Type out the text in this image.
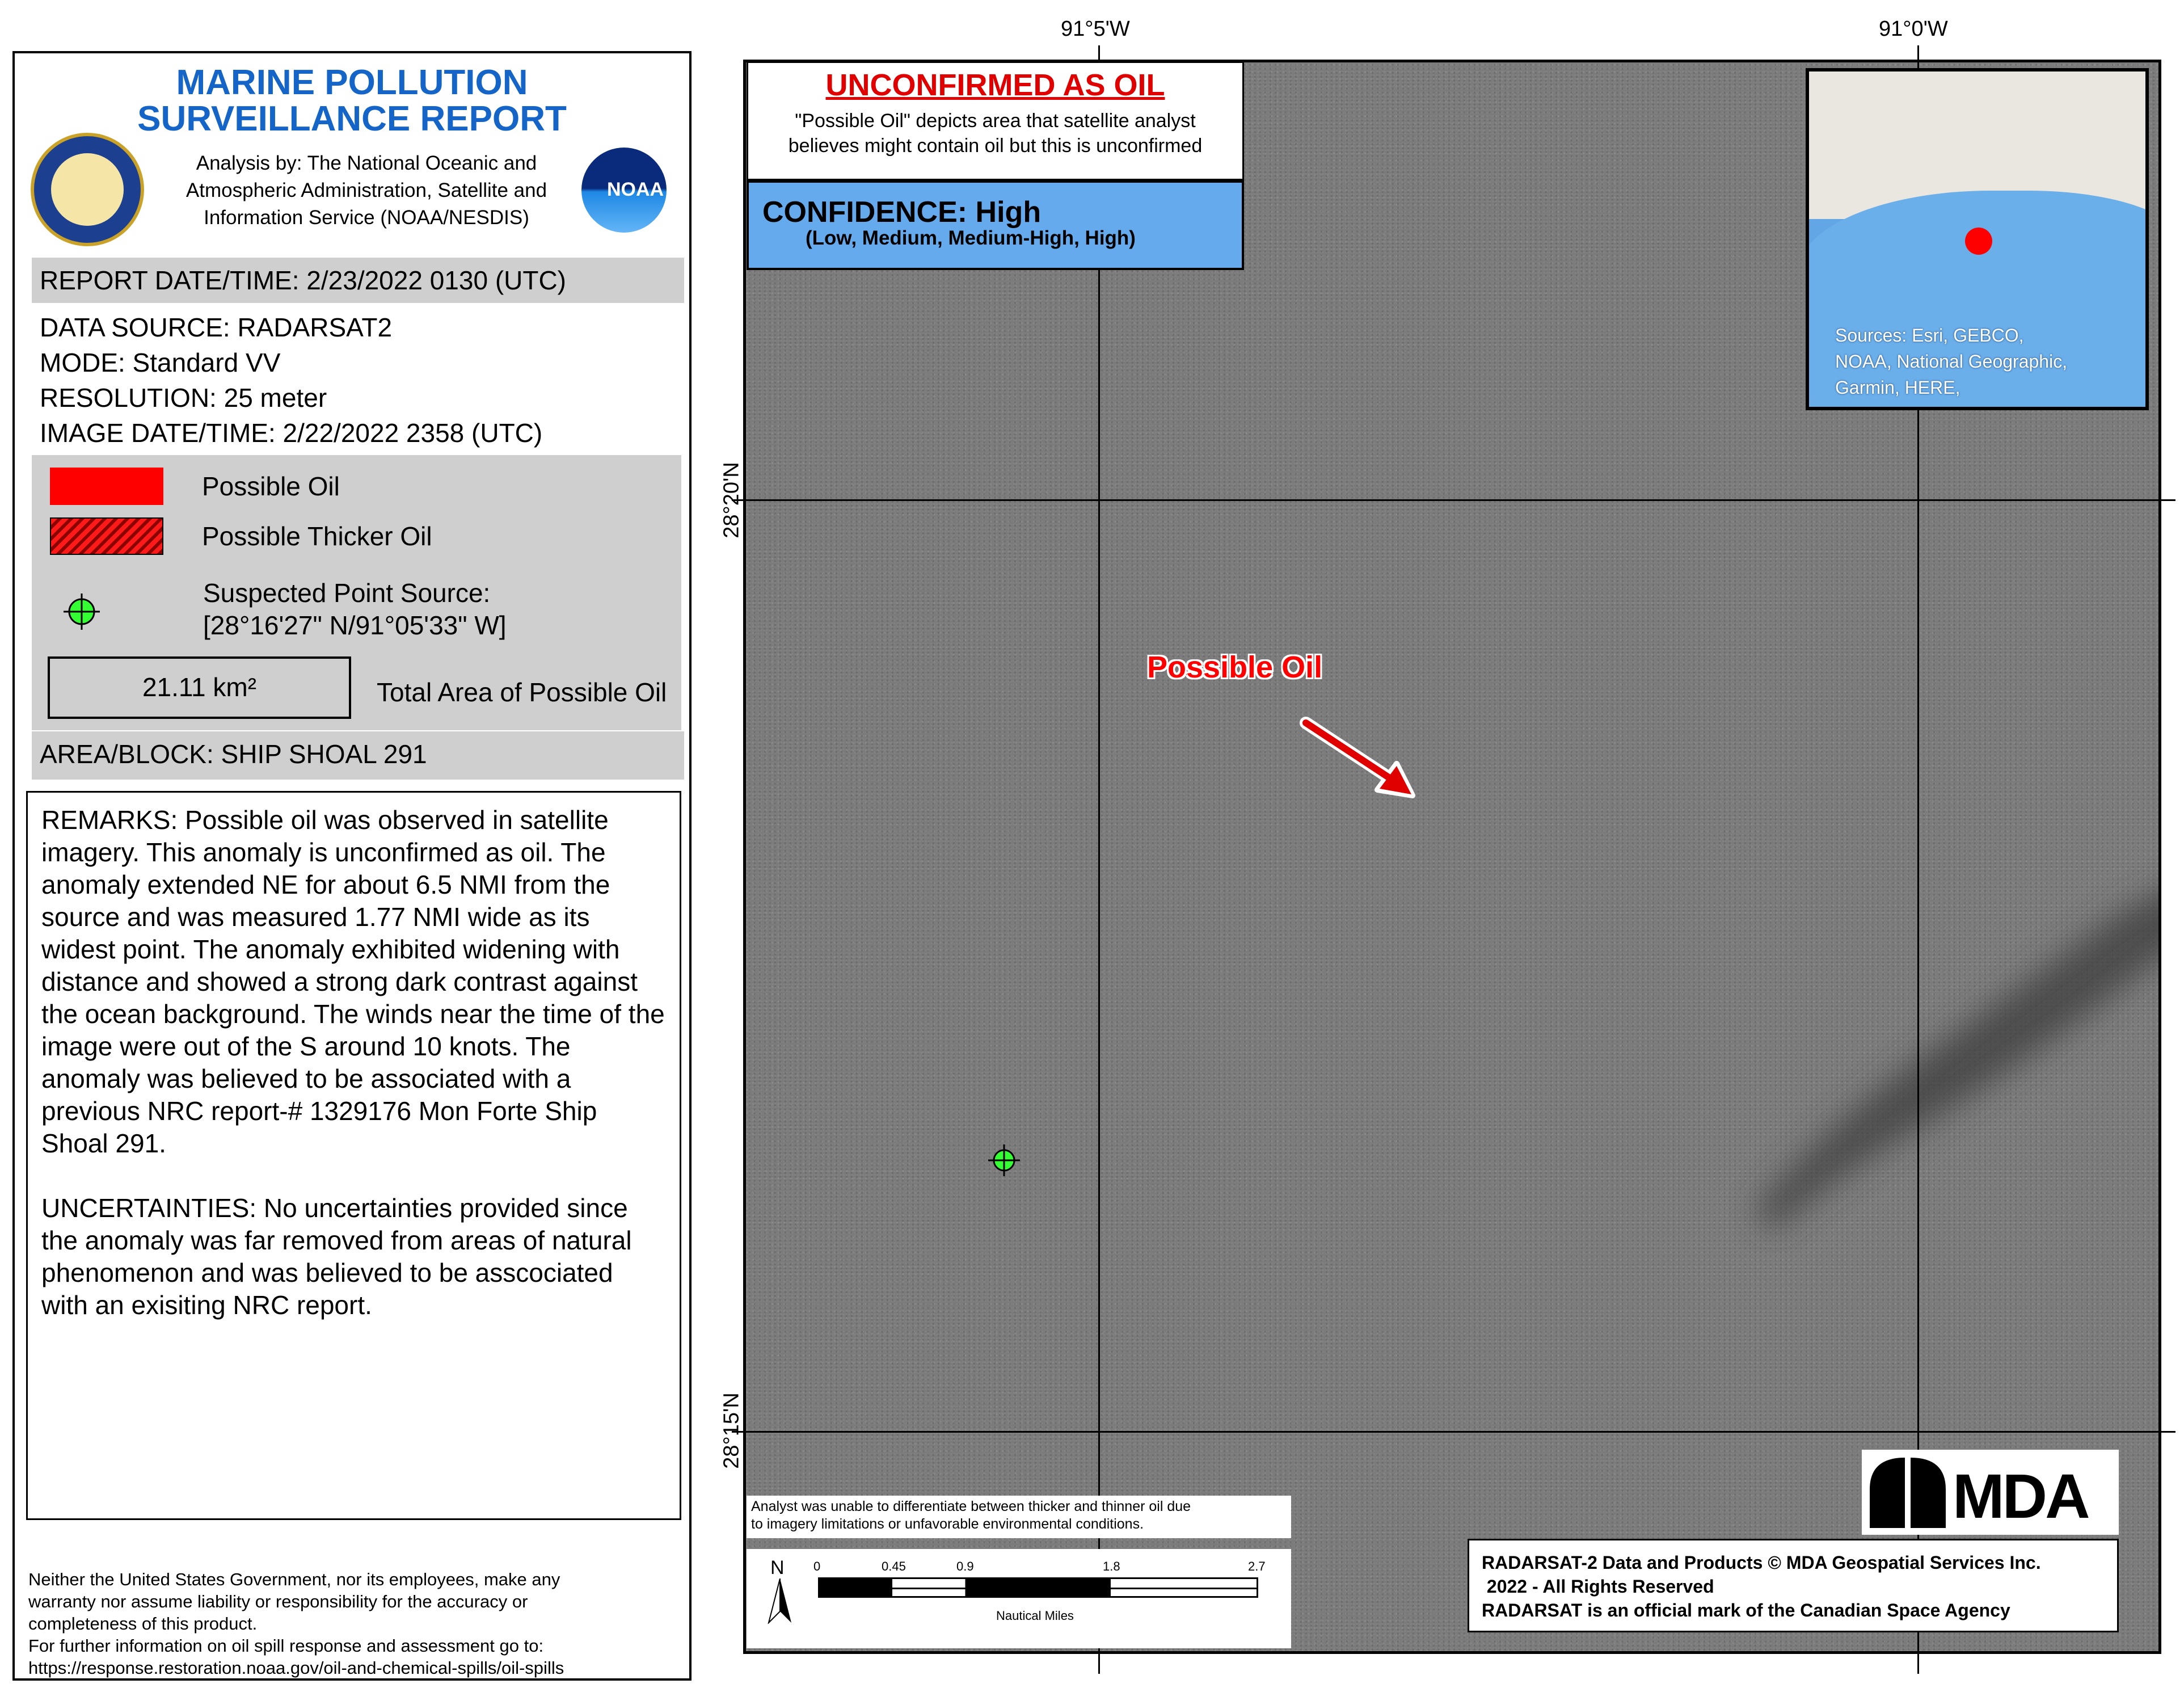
MARINE POLLUTION
SURVEILLANCE REPORT
Analysis by: The National Oceanic and
Atmospheric Administration, Satellite and
Information Service (NOAA/NESDIS)
NOAA
REPORT DATE/TIME: 2/23/2022 0130 (UTC)
DATA SOURCE: RADARSAT2
MODE: Standard VV
RESOLUTION: 25 meter
IMAGE DATE/TIME: 2/22/2022 2358 (UTC)
Possible Oil
Possible Thicker Oil
Suspected Point Source:
[28°16'27" N/91°05'33" W]
21.11 km²	Total Area of Possible Oil
AREA/BLOCK: SHIP SHOAL 291

REMARKS: Possible oil was observed in satellite imagery. This anomaly is unconfirmed as oil. The anomaly extended NE for about 6.5 NMI from the source and was measured 1.77 NMI wide as its widest point. The anomaly exhibited widening with distance and showed a strong dark contrast against the ocean background. The winds near the time of the image were out of the S around 10 knots. The anomaly was believed to be associated with a previous NRC report-# 1329176 Mon Forte Ship Shoal 291.

UNCERTAINTIES: No uncertainties provided since the anomaly was far removed from areas of natural phenomenon and was believed to be asscociated with an exisiting NRC report.

Neither the United States Government, nor its employees, make any
warranty nor assume liability or responsibility for the accuracy or
completeness of this product.
For further information on oil spill response and assessment go to:
https://response.restoration.noaa.gov/oil-and-chemical-spills/oil-spills
91°5'W	91°0'W
28°20'N
28°15'N
Possible Oil
UNCONFIRMED AS OIL
"Possible Oil" depicts area that satellite analyst
believes might contain oil but this is unconfirmed
CONFIDENCE: High
(Low, Medium, Medium-High, High)
Sources: Esri, GEBCO,
NOAA, National Geographic,
Garmin, HERE,
Analyst was unable to differentiate between thicker and thinner oil due
to imagery limitations or unfavorable environmental conditions.
N 0	0.45	0.9	1.8	2.7
Nautical Miles
MDA
RADARSAT-2 Data and Products © MDA Geospatial Services Inc.
2022 - All Rights Reserved
RADARSAT is an official mark of the Canadian Space Agency
